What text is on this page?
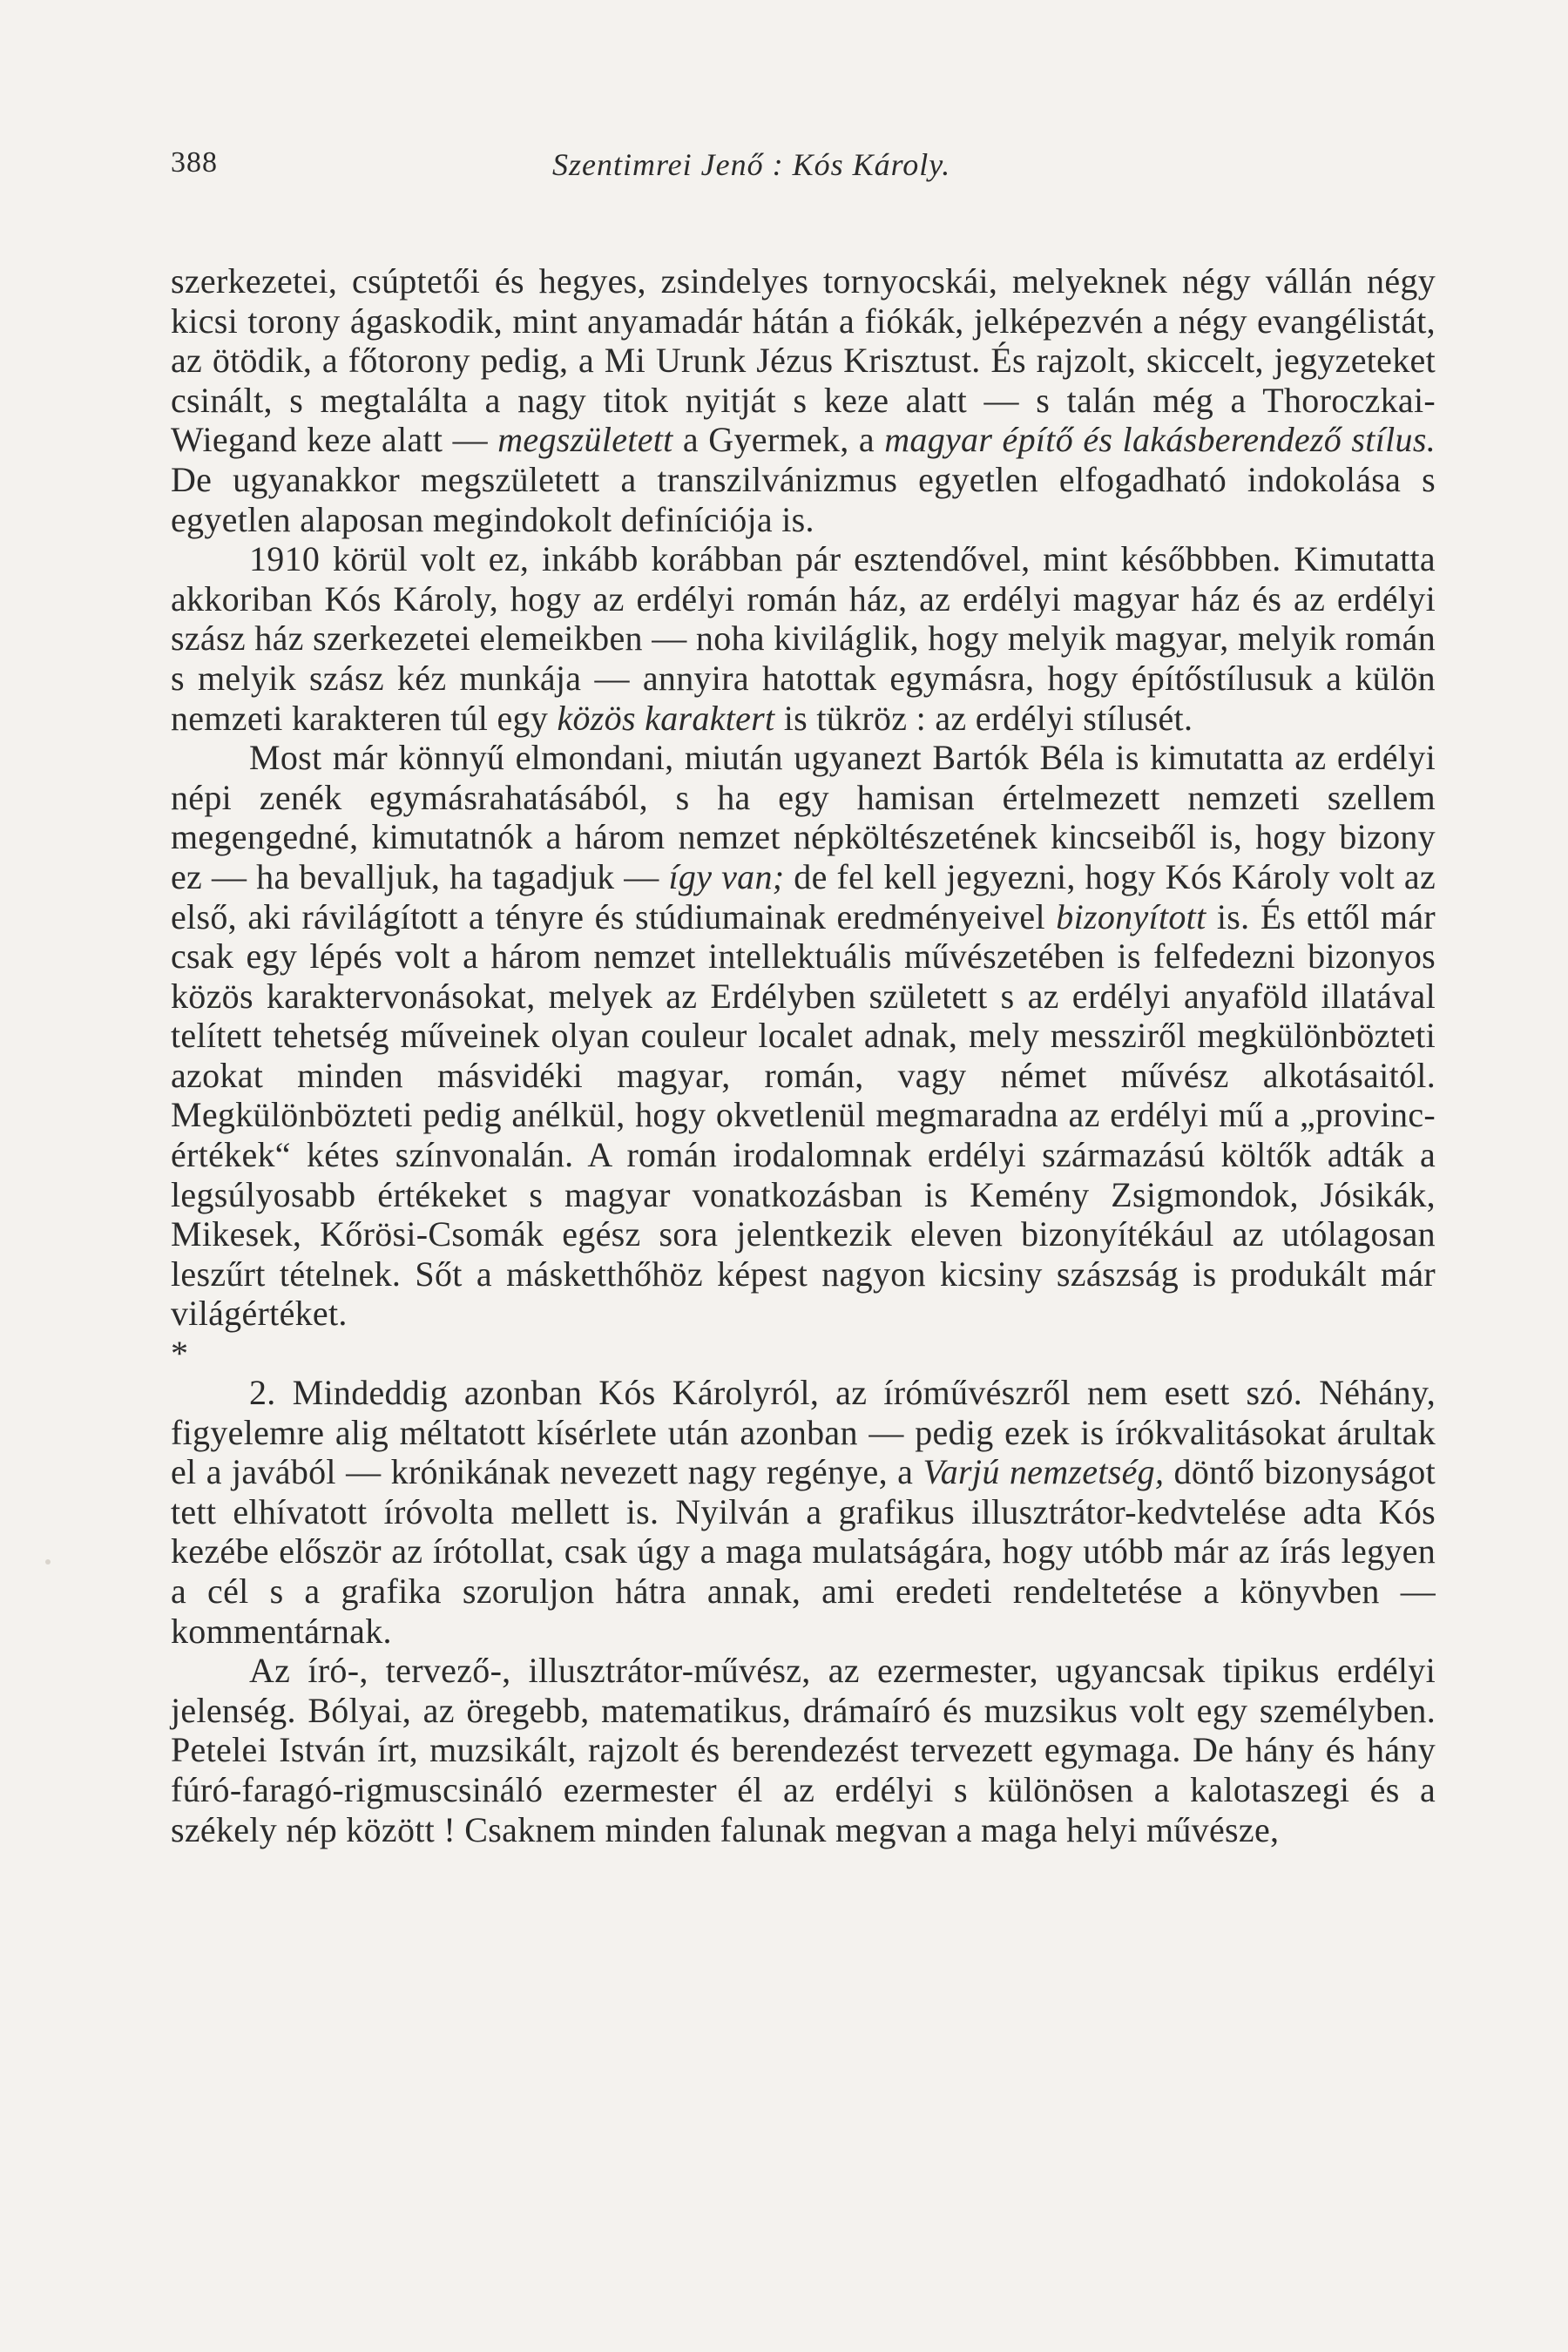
388	Szentimrei Jenő : Kós Károly.

szerkezetei, csúptetői és hegyes, zsindelyes tornyocskái, melyeknek négy vállán négy kicsi torony ágaskodik, mint anyamadár hátán a fiókák, jelképezvén a négy evangélistát, az ötödik, a főtorony pedig, a Mi Urunk Jézus Krisztust. És rajzolt, skiccelt, jegyzeteket csinált, s megtalálta a nagy titok nyitját s keze alatt — s talán még a Thoroczkai-Wiegand keze alatt — megszületett a Gyermek, a magyar építő és lakásberendező stílus. De ugyanakkor megszületett a transzilvánizmus egyetlen elfogadható indokolása s egyetlen alaposan megindokolt definíciója is.

1910 körül volt ez, inkább korábban pár esztendővel, mint későbbben. Kimutatta akkoriban Kós Károly, hogy az erdélyi román ház, az erdélyi magyar ház és az erdélyi szász ház szerkezetei elemeikben — noha kiviláglik, hogy melyik magyar, melyik román s melyik szász kéz munkája — annyira hatottak egymásra, hogy építőstílusuk a külön nemzeti karakteren túl egy közös karaktert is tükröz : az erdélyi stílusét.

Most már könnyű elmondani, miután ugyanezt Bartók Béla is kimutatta az erdélyi népi zenék egymásrahatásából, s ha egy hamisan értelmezett nemzeti szellem megengedné, kimutatnók a három nemzet népköltészetének kincseiből is, hogy bizony ez — ha bevalljuk, ha tagadjuk — így van; de fel kell jegyezni, hogy Kós Károly volt az első, aki rávilágított a tényre és stúdiumainak eredményeivel bizonyított is. És ettől már csak egy lépés volt a három nemzet intellektuális művészetében is felfedezni bizonyos közös karaktervonásokat, melyek az Erdélyben született s az erdélyi anyaföld illatával telített tehetség műveinek olyan couleur localet adnak, mely messziről megkülönbözteti azokat minden másvidéki magyar, román, vagy német művész alkotásaitól. Megkülönbözteti pedig anélkül, hogy okvetlenül megmaradna az erdélyi mű a „provinc-értékek“ kétes színvonalán. A román irodalomnak erdélyi származású költők adták a legsúlyosabb értékeket s magyar vonatkozásban is Kemény Zsigmondok, Jósikák, Mikesek, Kőrösi-Csomák egész sora jelentkezik eleven bizonyítékául az utólagosan leszűrt tételnek. Sőt a másketthőhöz képest nagyon kicsiny szászság is produkált már világértéket.

*

2. Mindeddig azonban Kós Károlyról, az íróművészről nem esett szó. Néhány, figyelemre alig méltatott kísérlete után azonban — pedig ezek is írókvalitásokat árultak el a javából — krónikának nevezett nagy regénye, a Varjú nemzetség, döntő bizonyságot tett elhívatott íróvolta mellett is. Nyilván a grafikus illusztrátor-kedvtelése adta Kós kezébe először az írótollat, csak úgy a maga mulatságára, hogy utóbb már az írás legyen a cél s a grafika szoruljon hátra annak, ami eredeti rendeltetése a könyvben — kommentárnak.

Az író-, tervező-, illusztrátor-művész, az ezermester, ugyancsak tipikus erdélyi jelenség. Bólyai, az öregebb, matematikus, drámaíró és muzsikus volt egy személyben. Petelei István írt, muzsikált, rajzolt és berendezést tervezett egymaga. De hány és hány fúró-faragó-rigmuscsináló ezermester él az erdélyi s különösen a kalotaszegi és a székely nép között ! Csaknem minden falunak megvan a maga helyi művésze,
